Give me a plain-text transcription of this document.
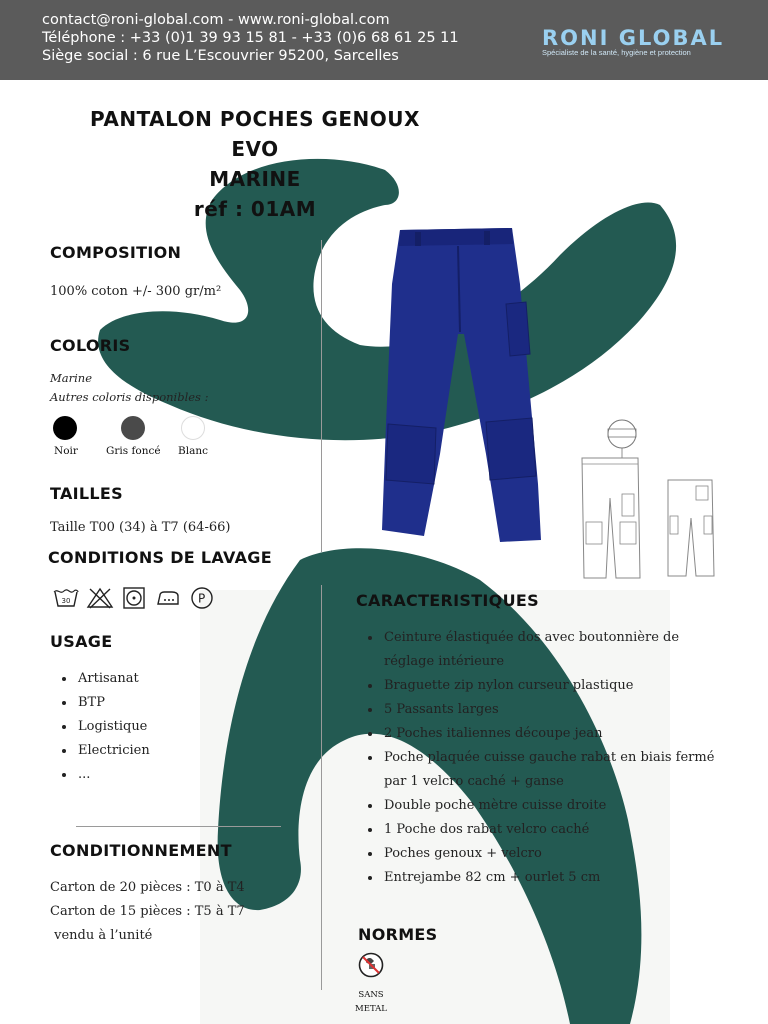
contact@roni-global.com - www.roni-global.com
Téléphone : +33 (0)1 39 93 15 81 - +33 (0)6 68 61 25 11
Siège social : 6 rue L’Escouvrier 95200, Sarcelles
RONI GLOBAL
Spécialiste de la santé, hygiène et protection
PANTALON POCHES GENOUX
EVO
MARINE
réf : 01AM
COMPOSITION
100% coton +/- 300 gr/m²
COLORIS
Marine
Autres coloris disponibles :
Noir	Gris foncé Blanc
TAILLES
Taille T00 (34) à T7 (64-66)
CONDITIONS DE LAVAGE
30	P
USAGE
• Artisanat
• BTP
• Logistique
• Electricien
• ...
CONDITIONNEMENT
Carton de 20 pièces : T0 à T4
Carton de 15 pièces : T5 à T7
vendu à l’unité
CARACTERISTIQUES
• Ceinture élastiquée dos avec boutonnière de réglage intérieure
• Braguette zip nylon curseur plastique
• 5 Passants larges
• 2 Poches italiennes découpe jean
• Poche plaquée cuisse gauche rabat en biais fermé par 1 velcro caché + ganse
• Double poche mètre cuisse droite
• 1 Poche dos rabat velcro caché
• Poches genoux + velcro
• Entrejambe 82 cm + ourlet 5 cm
NORMES
SANS
METAL
